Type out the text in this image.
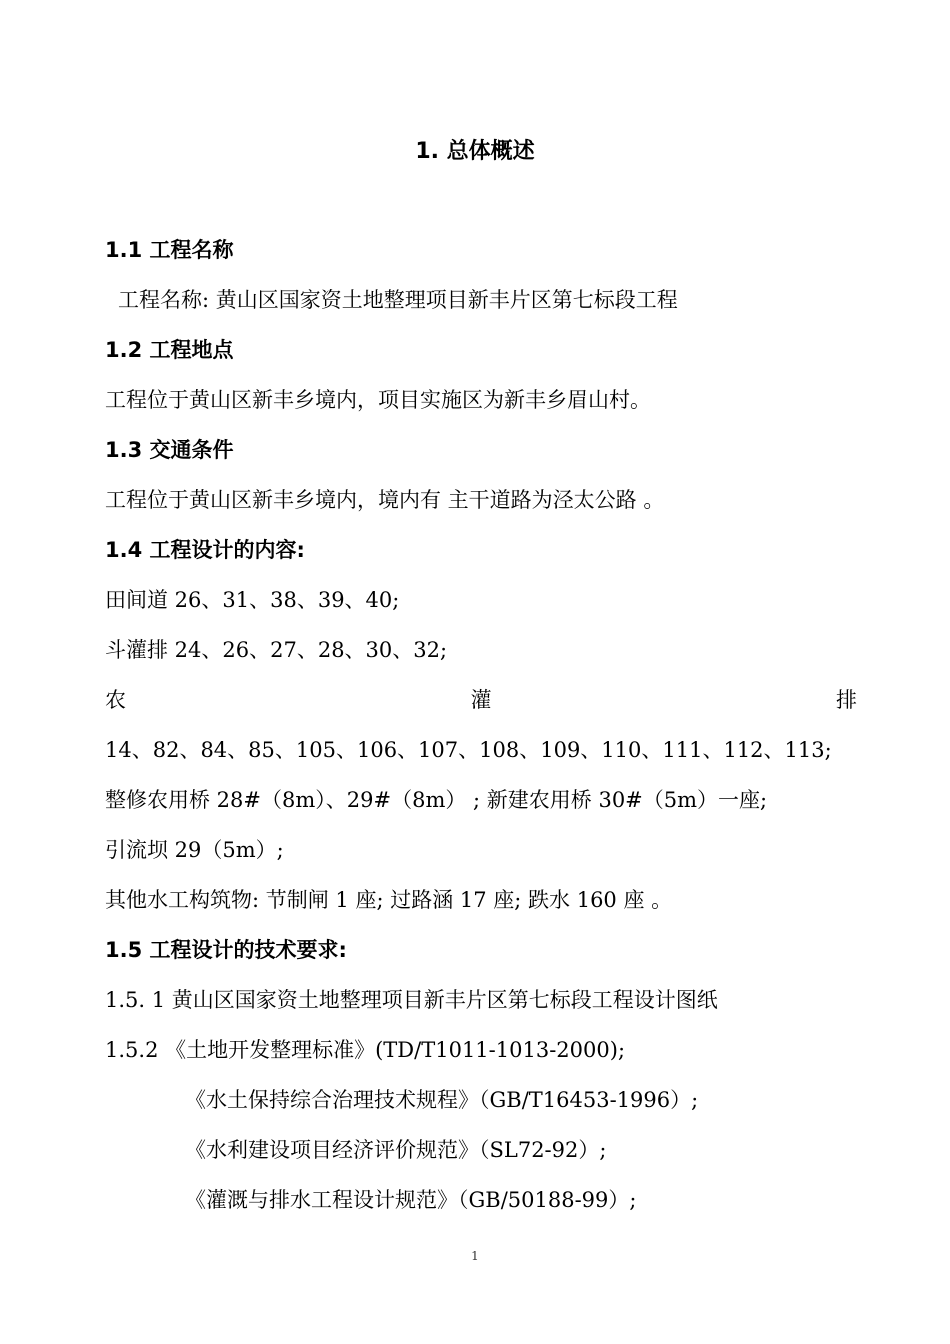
1. 总体概述
1.1 工程名称
工程名称: 黄山区国家资土地整理项目新丰片区第七标段工程
1.2 工程地点
工程位于黄山区新丰乡境内，项目实施区为新丰乡眉山村。
1.3 交通条件
工程位于黄山区新丰乡境内，境内有 主干道路为泾太公路 。
1.4 工程设计的内容:
田间道 26、31、38、39、40;
斗灌排 24、26、27、28、30、32;
农	灌	排
14、82、84、85、105、106、107、108、109、110、111、112、113;
整修农用桥 28#（8m）、29#（8m） ; 新建农用桥 30#（5m）一座;
引流坝 29（5m）;
其他水工构筑物: 节制闸 1 座; 过路涵 17 座; 跌水 160 座 。
1.5 工程设计的技术要求:
1.5. 1 黄山区国家资土地整理项目新丰片区第七标段工程设计图纸
1.5.2 《土地开发整理标准》(TD/T1011-1013-2000);
《水土保持综合治理技术规程》（GB/T16453-1996）;
《水利建设项目经济评价规范》（SL72-92）;
《灌溉与排水工程设计规范》（GB/50188-99）;
1
